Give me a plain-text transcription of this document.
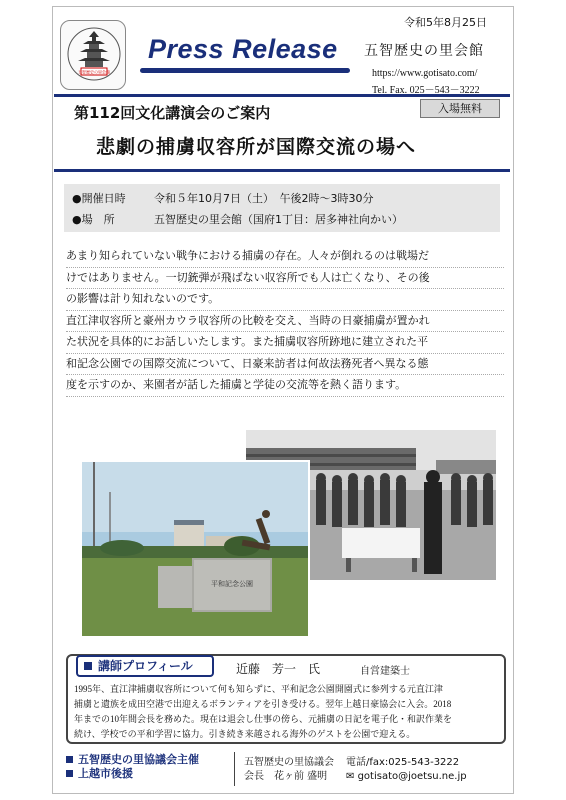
五智歴史の里会館
Press Release
令和5年8月25日
五智歴史の里会館
https://www.gotisato.com/
Tel. Fax. 025－543－3222
第112回文化講演会のご案内	入場無料
悲劇の捕虜収容所が国際交流の場へ
●開催日時	令和５年10月7日（土）　午後2時～3時30分
●場　所	五智歴史の里会館（国府1丁目：居多神社向かい）
あまり知られていない戦争における捕虜の存在。人々が倒れるのは戦場だ
けではありません。一切銃弾が飛ばない収容所でも人は亡くなり、その後
の影響は計り知れないのです。
直江津収容所と豪州カウラ収容所の比較を交え、当時の日豪捕虜が置かれ
た状況を具体的にお話しいたします。また捕虜収容所跡地に建立された平
和記念公園での国際交流について、日豪来訪者は何故法務死者へ異なる態
度を示すのか、来園者が話した捕虜と学徒の交流等を熱く語ります。
平和記念公園
講師プロフィール	近藤　芳一　氏	自営建築士
1995年、直江津捕虜収容所について何も知らずに、平和記念公園開園式に参列する元直江津
捕虜と遺族を成田空港で出迎えるボランティアを引き受ける。翌年上越日豪協会に入会。2018
年までの10年間会長を務めた。現在は退会し仕事の傍ら、元捕虜の日記を電子化・和訳作業を
続け、学校での平和学習に協力。引き続き来越される海外のゲストを公園で迎える。
五智歴史の里協議会主催
上越市後援
五智歴史の里協議会
会長　花ヶ前 盛明
電話/fax:025-543-3222
✉ gotisato@joetsu.ne.jp
